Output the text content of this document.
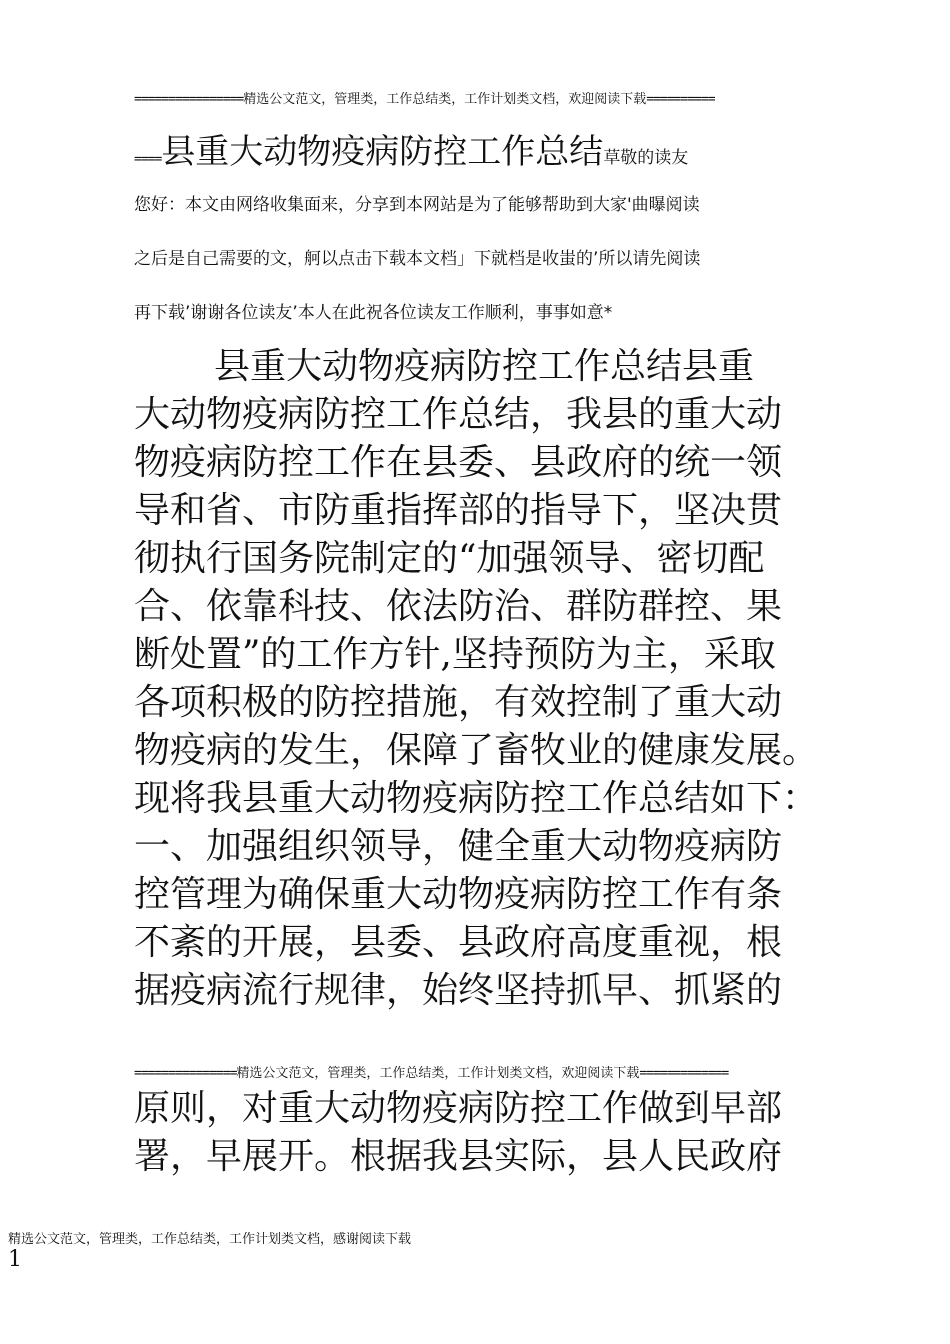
================精选公文范文，管理类，工作总结类，工作计划类文档，欢迎阅读下载==========
====县重大动物疫病防控工作总结草敬的读友
您好：本文由网络收集面来，分享到本网站是为了能够帮助到大家'曲曝阅读
之后是自己需要的文，舸以点击下载本文档」下就档是收蚩的’所以请先阅读
再下载’谢谢各位读友’本人在此祝各位读友工作顺利，事事如意*
县重大动物疫病防控工作总结县重
大动物疫病防控工作总结，我县的重大动
物疫病防控工作在县委、县政府的统一领
导和省、市防重指挥部的指导下，坚决贯
彻执行国务院制定的“加强领导、密切配
合、依靠科技、依法防治、群防群控、果
断处置”的工作方针,坚持预防为主，采取
各项积极的防控措施，有效控制了重大动
物疫病的发生，保障了畜牧业的健康发展。
现将我县重大动物疫病防控工作总结如下：
一、加强组织领导，健全重大动物疫病防
控管理为确保重大动物疫病防控工作有条
不紊的开展，县委、县政府高度重视，根
据疫病流行规律，始终坚持抓早、抓紧的
===============精选公文范文，管理类，工作总结类，工作计划类文档，欢迎阅读下载=============
原则，对重大动物疫病防控工作做到早部
署，早展开。根据我县实际，县人民政府
精选公文范文，管理类，工作总结类，工作计划类文档，感谢阅读下载
1
